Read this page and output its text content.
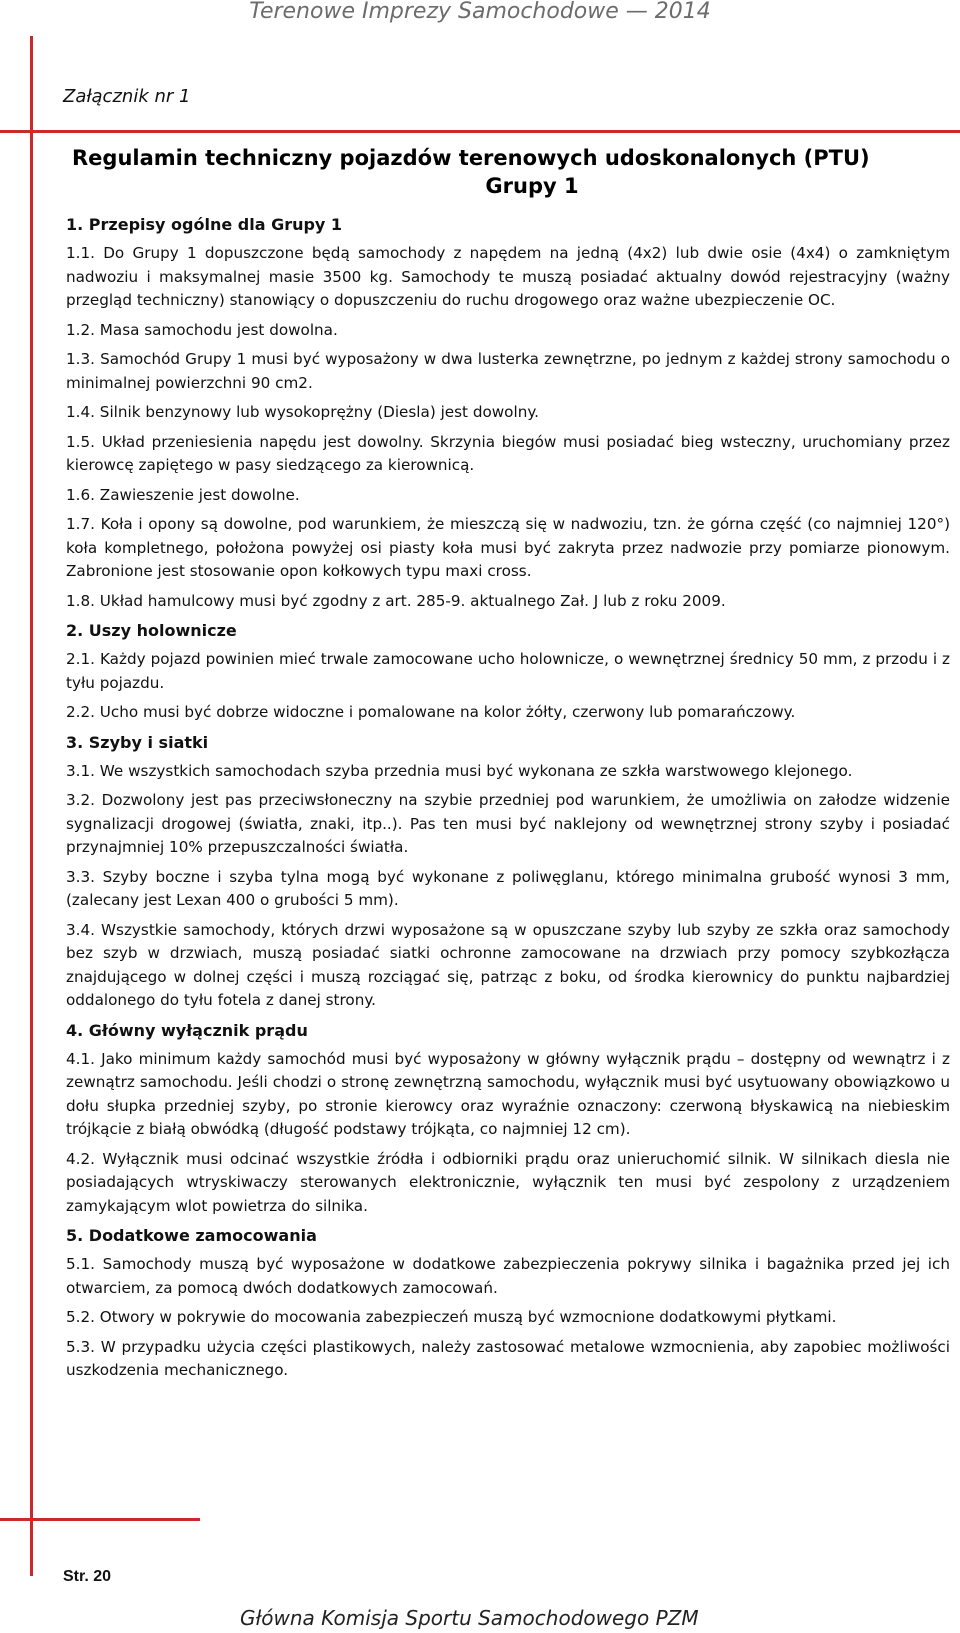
Terenowe Imprezy Samochodowe — 2014
Załącznik nr 1
Regulamin techniczny pojazdów terenowych udoskonalonych (PTU)
Grupy 1
1. Przepisy ogólne dla Grupy 1

1.1. Do Grupy 1 dopuszczone będą samochody z napędem na jedną (4x2) lub dwie osie (4x4) o zamkniętym nadwoziu i maksymalnej masie 3500 kg. Samochody te muszą posiadać aktualny dowód rejestracyjny (ważny przegląd techniczny) stanowiący o dopuszczeniu do ruchu drogowego oraz ważne ubezpieczenie OC.

1.2. Masa samochodu jest dowolna.

1.3. Samochód Grupy 1 musi być wyposażony w dwa lusterka zewnętrzne, po jednym z każdej strony samochodu o minimalnej powierzchni 90 cm2.

1.4. Silnik benzynowy lub wysokoprężny (Diesla) jest dowolny.

1.5. Układ przeniesienia napędu jest dowolny. Skrzynia biegów musi posiadać bieg wsteczny, uruchomiany przez kierowcę zapiętego w pasy siedzącego za kierownicą.

1.6. Zawieszenie jest dowolne.

1.7. Koła i opony są dowolne, pod warunkiem, że mieszczą się w nadwoziu, tzn. że górna część (co najmniej 120°) koła kompletnego, położona powyżej osi piasty koła musi być zakryta przez nadwozie przy pomiarze pionowym. Zabronione jest stosowanie opon kołkowych typu maxi cross.

1.8. Układ hamulcowy musi być zgodny z art. 285-9. aktualnego Zał. J lub z roku 2009.

2. Uszy holownicze

2.1. Każdy pojazd powinien mieć trwale zamocowane ucho holownicze, o wewnętrznej średnicy 50 mm, z przodu i z tyłu pojazdu.

2.2. Ucho musi być dobrze widoczne i pomalowane na kolor żółty, czerwony lub pomarańczowy.

3. Szyby i siatki

3.1. We wszystkich samochodach szyba przednia musi być wykonana ze szkła warstwowego klejonego.

3.2. Dozwolony jest pas przeciwsłoneczny na szybie przedniej pod warunkiem, że umożliwia on załodze widzenie sygnalizacji drogowej (światła, znaki, itp..). Pas ten musi być naklejony od wewnętrznej strony szyby i posiadać przynajmniej 10% przepuszczalności światła.

3.3. Szyby boczne i szyba tylna mogą być wykonane z poliwęglanu, którego minimalna grubość wynosi 3 mm, (zalecany jest Lexan 400 o grubości 5 mm).

3.4. Wszystkie samochody, których drzwi wyposażone są w opuszczane szyby lub szyby ze szkła oraz samochody bez szyb w drzwiach, muszą posiadać siatki ochronne zamocowane na drzwiach przy pomocy szybkozłącza znajdującego w dolnej części i muszą rozciągać się, patrząc z boku, od środka kierownicy do punktu najbardziej oddalonego do tyłu fotela z danej strony.

4. Główny wyłącznik prądu

4.1. Jako minimum każdy samochód musi być wyposażony w główny wyłącznik prądu – dostępny od wewnątrz i z zewnątrz samochodu. Jeśli chodzi o stronę zewnętrzną samochodu, wyłącznik musi być usytuowany obowiązkowo u dołu słupka przedniej szyby, po stronie kierowcy oraz wyraźnie oznaczony: czerwoną błyskawicą na niebieskim trójkącie z białą obwódką (długość podstawy trójkąta, co najmniej 12 cm).

4.2. Wyłącznik musi odcinać wszystkie źródła i odbiorniki prądu oraz unieruchomić silnik. W silnikach diesla nie posiadających wtryskiwaczy sterowanych elektronicznie, wyłącznik ten musi być zespolony z urządzeniem zamykającym wlot powietrza do silnika.

5. Dodatkowe zamocowania

5.1. Samochody muszą być wyposażone w dodatkowe zabezpieczenia pokrywy silnika i bagażnika przed jej ich otwarciem, za pomocą dwóch dodatkowych zamocowań.

5.2. Otwory w pokrywie do mocowania zabezpieczeń muszą być wzmocnione dodatkowymi płytkami.

5.3. W przypadku użycia części plastikowych, należy zastosować metalowe wzmocnienia, aby zapobiec możliwości uszkodzenia mechanicznego.

Str. 20
Główna Komisja Sportu Samochodowego PZM
